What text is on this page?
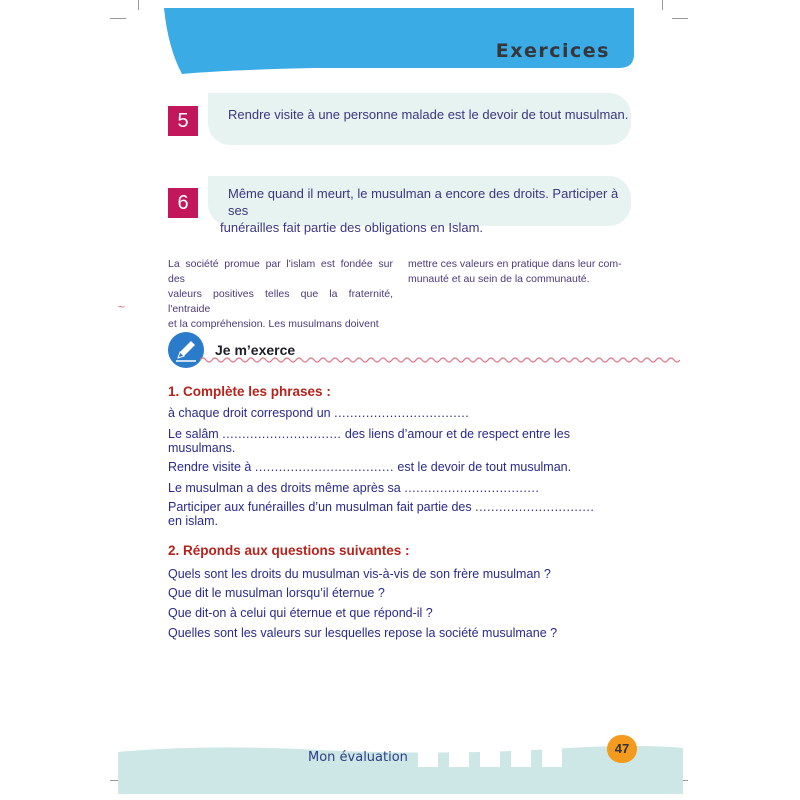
Exercices
5	Rendre visite à une personne malade est le devoir de tout musulman.
6	Même quand il meurt, le musulman a encore des droits. Participer à ses
funérailles fait partie des obligations en Islam.
La société promue par l'islam est fondée sur des
valeurs positives telles que la fraternité, l'entraide
et la compréhension. Les musulmans doivent
mettre ces valeurs en pratique dans leur com-
munauté et au sein de la communauté.
~
Je m’exerce
1. Complète les phrases :
à chaque droit correspond un ..................................
Le salâm .............................. des liens d’amour et de respect entre les
musulmans.
Rendre visite à ................................... est le devoir de tout musulman.
Le musulman a des droits même après sa ..................................
Participer aux funérailles d’un musulman fait partie des ..............................
en islam.
2. Réponds aux questions suivantes :
Quels sont les droits du musulman vis-à-vis de son frère musulman ?
Que dit le musulman lorsqu’il éternue ?
Que dit-on à celui qui éternue et que répond-il ?
Quelles sont les valeurs sur lesquelles repose la société musulmane ?
Mon évaluation
47
